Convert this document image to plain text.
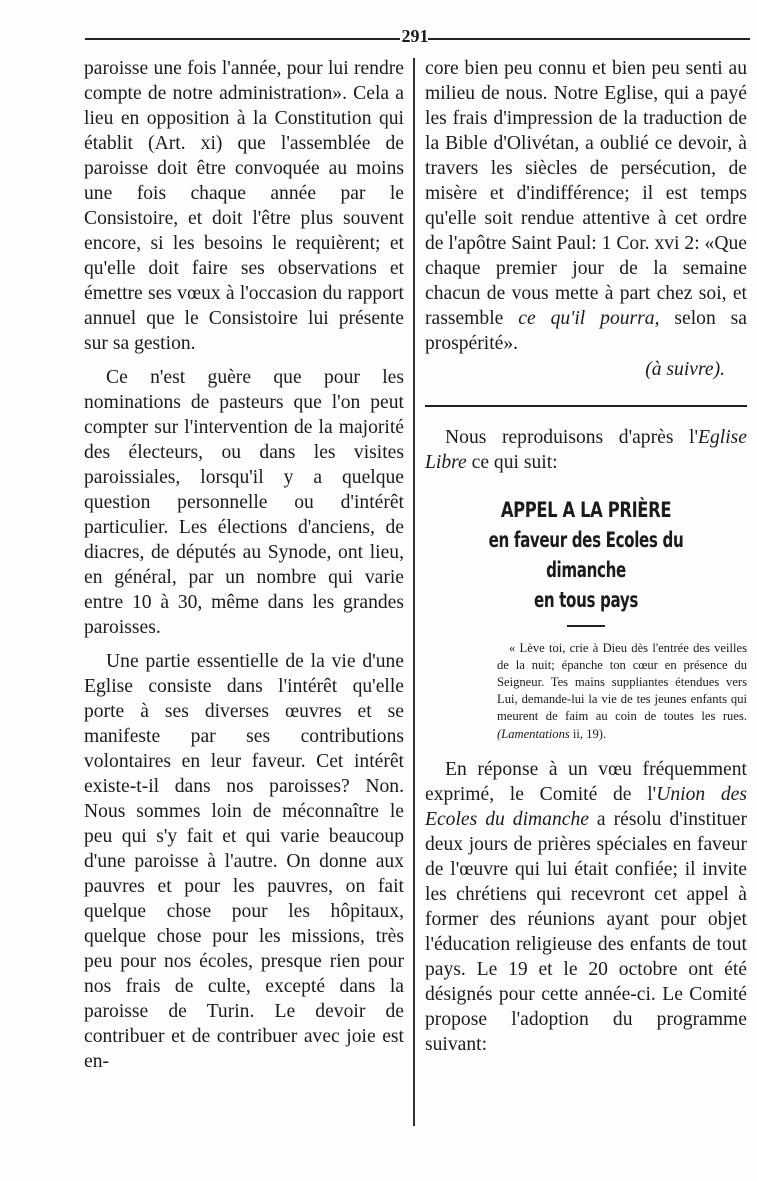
291

paroisse une fois l'année, pour lui rendre compte de notre administration». Cela a lieu en opposition à la Constitution qui établit (Art. xi) que l'assemblée de paroisse doit être convoquée au moins une fois chaque année par le Consistoire, et doit l'être plus souvent encore, si les besoins le requièrent; et qu'elle doit faire ses observations et émettre ses vœux à l'occasion du rapport annuel que le Consistoire lui présente sur sa gestion.

Ce n'est guère que pour les nominations de pasteurs que l'on peut compter sur l'intervention de la majorité des électeurs, ou dans les visites paroissiales, lorsqu'il y a quelque question personnelle ou d'intérêt particulier. Les élections d'anciens, de diacres, de députés au Synode, ont lieu, en général, par un nombre qui varie entre 10 à 30, même dans les grandes paroisses.

Une partie essentielle de la vie d'une Eglise consiste dans l'intérêt qu'elle porte à ses diverses œuvres et se manifeste par ses contributions volontaires en leur faveur. Cet intérêt existe-t-il dans nos paroisses? Non. Nous sommes loin de méconnaître le peu qui s'y fait et qui varie beaucoup d'une paroisse à l'autre. On donne aux pauvres et pour les pauvres, on fait quelque chose pour les hôpitaux, quelque chose pour les missions, très peu pour nos écoles, presque rien pour nos frais de culte, excepté dans la paroisse de Turin. Le devoir de contribuer et de contribuer avec joie est en-

core bien peu connu et bien peu senti au milieu de nous. Notre Eglise, qui a payé les frais d'impression de la traduction de la Bible d'Olivétan, a oublié ce devoir, à travers les siècles de persécution, de misère et d'indifférence; il est temps qu'elle soit rendue attentive à cet ordre de l'apôtre Saint Paul: 1 Cor. xvi 2: «Que chaque premier jour de la semaine chacun de vous mette à part chez soi, et rassemble ce qu'il pourra, selon sa prospérité».

(à suivre).

Nous reproduisons d'après l'Eglise Libre ce qui suit:

APPEL A LA PRIÈRE
en faveur des Ecoles du dimanche
en tous pays

« Lève toi, crie à Dieu dès l'entrée des veilles de la nuit; épanche ton cœur en présence du Seigneur. Tes mains suppliantes étendues vers Lui, demande-lui la vie de tes jeunes enfants qui meurent de faim au coin de toutes les rues. (Lamentations ii, 19).

En réponse à un vœu fréquemment exprimé, le Comité de l'Union des Ecoles du dimanche a résolu d'instituer deux jours de prières spéciales en faveur de l'œuvre qui lui était confiée; il invite les chrétiens qui recevront cet appel à former des réunions ayant pour objet l'éducation religieuse des enfants de tout pays. Le 19 et le 20 octobre ont été désignés pour cette année-ci. Le Comité propose l'adoption du programme suivant:
